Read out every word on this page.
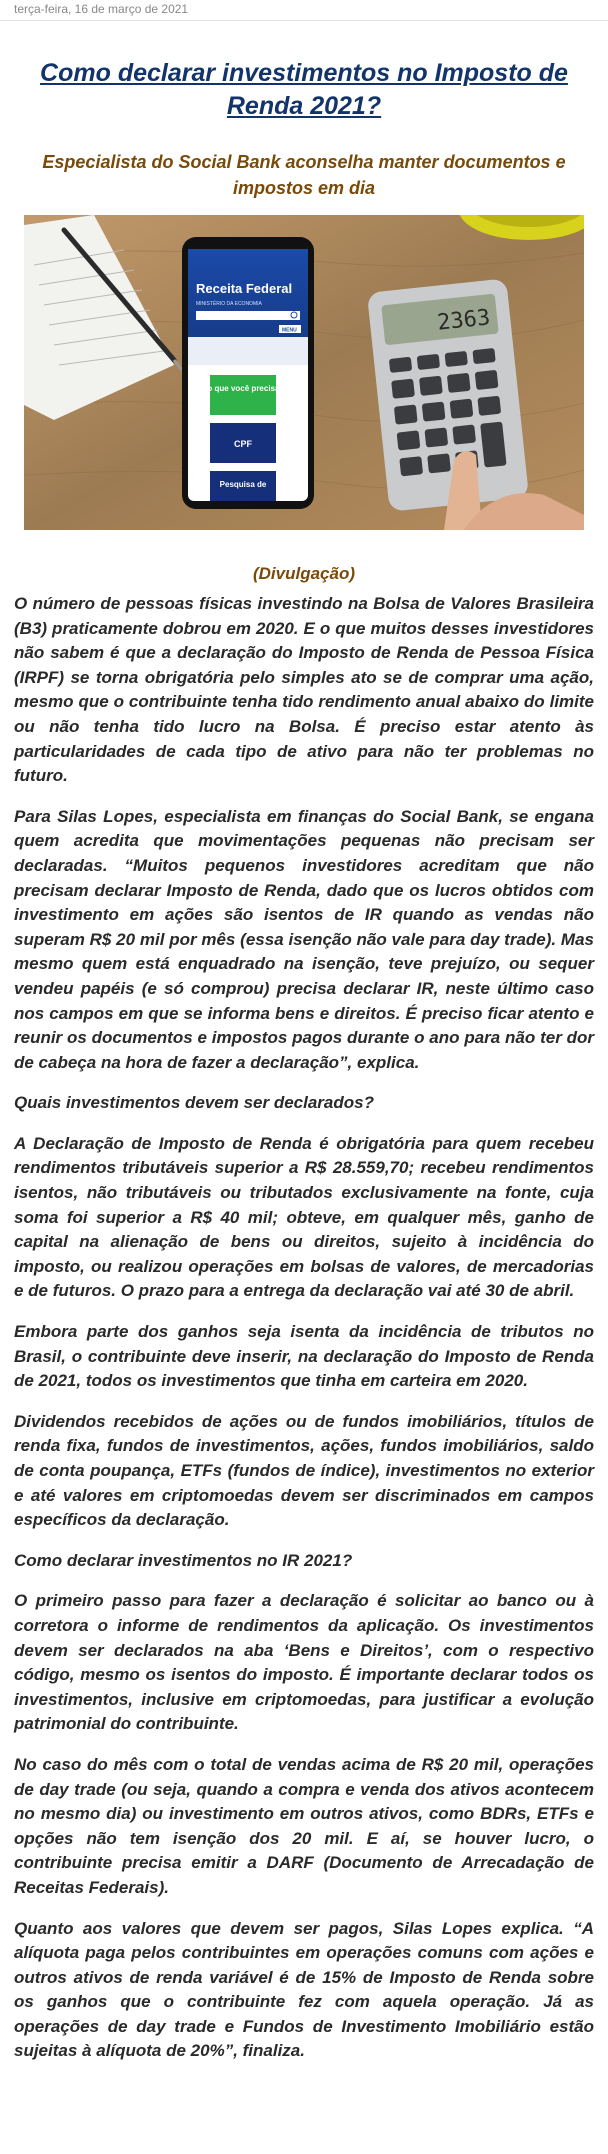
terça-feira, 16 de março de 2021
Como declarar investimentos no Imposto de Renda 2021?
Especialista do Social Bank aconselha manter documentos e impostos em dia
Receita Federal
MINISTÉRIO DA ECONOMIA
MENU
Do que você precisa?
CPF
Pesquisa de
2363
(Divulgação)

O número de pessoas físicas investindo na Bolsa de Valores Brasileira (B3) praticamente dobrou em 2020. E o que muitos desses investidores não sabem é que a declaração do Imposto de Renda de Pessoa Física (IRPF) se torna obrigatória pelo simples ato se de comprar uma ação, mesmo que o contribuinte tenha tido rendimento anual abaixo do limite ou não tenha tido lucro na Bolsa. É preciso estar atento às particularidades de cada tipo de ativo para não ter problemas no futuro.

Para Silas Lopes, especialista em finanças do Social Bank, se engana quem acredita que movimentações pequenas não precisam ser declaradas. “Muitos pequenos investidores acreditam que não precisam declarar Imposto de Renda, dado que os lucros obtidos com investimento em ações são isentos de IR quando as vendas não superam R$ 20 mil por mês (essa isenção não vale para day trade). Mas mesmo quem está enquadrado na isenção, teve prejuízo, ou sequer vendeu papéis (e só comprou) precisa declarar IR, neste último caso nos campos em que se informa bens e direitos. É preciso ficar atento e reunir os documentos e impostos pagos durante o ano para não ter dor de cabeça na hora de fazer a declaração”, explica.

Quais investimentos devem ser declarados?

A Declaração de Imposto de Renda é obrigatória para quem recebeu rendimentos tributáveis superior a R$ 28.559,70; recebeu rendimentos isentos, não tributáveis ou tributados exclusivamente na fonte, cuja soma foi superior a R$ 40 mil; obteve, em qualquer mês, ganho de capital na alienação de bens ou direitos, sujeito à incidência do imposto, ou realizou operações em bolsas de valores, de mercadorias e de futuros. O prazo para a entrega da declaração vai até 30 de abril.

Embora parte dos ganhos seja isenta da incidência de tributos no Brasil, o contribuinte deve inserir, na declaração do Imposto de Renda de 2021, todos os investimentos que tinha em carteira em 2020.

Dividendos recebidos de ações ou de fundos imobiliários, títulos de renda fixa, fundos de investimentos, ações, fundos imobiliários, saldo de conta poupança, ETFs (fundos de índice), investimentos no exterior e até valores em criptomoedas devem ser discriminados em campos específicos da declaração.

Como declarar investimentos no IR 2021?

O primeiro passo para fazer a declaração é solicitar ao banco ou à corretora o informe de rendimentos da aplicação. Os investimentos devem ser declarados na aba ‘Bens e Direitos’, com o respectivo código, mesmo os isentos do imposto. É importante declarar todos os investimentos, inclusive em criptomoedas, para justificar a evolução patrimonial do contribuinte.

No caso do mês com o total de vendas acima de R$ 20 mil, operações de day trade (ou seja, quando a compra e venda dos ativos acontecem no mesmo dia) ou investimento em outros ativos, como BDRs, ETFs e opções não tem isenção dos 20 mil. E aí, se houver lucro, o contribuinte precisa emitir a DARF (Documento de Arrecadação de Receitas Federais).

Quanto aos valores que devem ser pagos, Silas Lopes explica. “A alíquota paga pelos contribuintes em operações comuns com ações e outros ativos de renda variável é de 15% de Imposto de Renda sobre os ganhos que o contribuinte fez com aquela operação. Já as operações de day trade e Fundos de Investimento Imobiliário estão sujeitas à alíquota de 20%”, finaliza.
